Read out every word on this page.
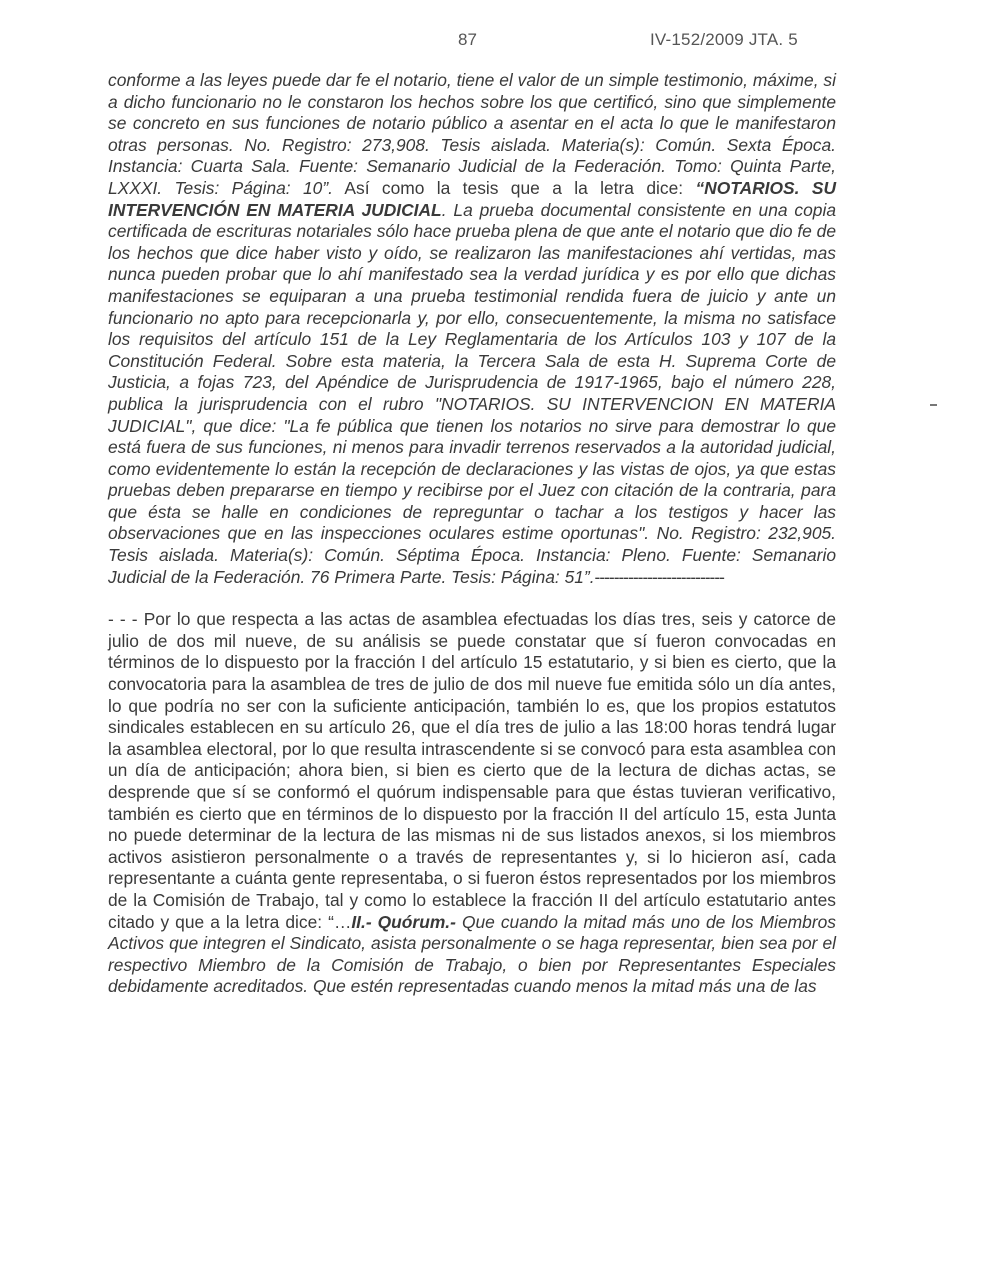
87	IV-152/2009 JTA. 5

conforme a las leyes puede dar fe el notario, tiene el valor de un simple testimonio, máxime, si a dicho funcionario no le constaron los hechos sobre los que certificó, sino que simplemente se concreto en sus funciones de notario público a asentar en el acta lo que le manifestaron otras personas. No. Registro: 273,908. Tesis aislada. Materia(s): Común. Sexta Época. Instancia: Cuarta Sala. Fuente: Semanario Judicial de la Federación. Tomo: Quinta Parte, LXXXI. Tesis: Página: 10”. Así como la tesis que a la letra dice: “NOTARIOS. SU INTERVENCIÓN EN MATERIA JUDICIAL. La prueba documental consistente en una copia certificada de escrituras notariales sólo hace prueba plena de que ante el notario que dio fe de los hechos que dice haber visto y oído, se realizaron las manifestaciones ahí vertidas, mas nunca pueden probar que lo ahí manifestado sea la verdad jurídica y es por ello que dichas manifestaciones se equiparan a una prueba testimonial rendida fuera de juicio y ante un funcionario no apto para recepcionarla y, por ello, consecuentemente, la misma no satisface los requisitos del artículo 151 de la Ley Reglamentaria de los Artículos 103 y 107 de la Constitución Federal. Sobre esta materia, la Tercera Sala de esta H. Suprema Corte de Justicia, a fojas 723, del Apéndice de Jurisprudencia de 1917-1965, bajo el número 228, publica la jurisprudencia con el rubro "NOTARIOS. SU INTERVENCION EN MATERIA JUDICIAL", que dice: "La fe pública que tienen los notarios no sirve para demostrar lo que está fuera de sus funciones, ni menos para invadir terrenos reservados a la autoridad judicial, como evidentemente lo están la recepción de declaraciones y las vistas de ojos, ya que estas pruebas deben prepararse en tiempo y recibirse por el Juez con citación de la contraria, para que ésta se halle en condiciones de repreguntar o tachar a los testigos y hacer las observaciones que en las inspecciones oculares estime oportunas". No. Registro: 232,905. Tesis aislada. Materia(s): Común. Séptima Época. Instancia: Pleno. Fuente: Semanario Judicial de la Federación. 76 Primera Parte. Tesis: Página: 51”.---------------------------

- - - Por lo que respecta a las actas de asamblea efectuadas los días tres, seis y catorce de julio de dos mil nueve, de su análisis se puede constatar que sí fueron convocadas en términos de lo dispuesto por la fracción I del artículo 15 estatutario, y si bien es cierto, que la convocatoria para la asamblea de tres de julio de dos mil nueve fue emitida sólo un día antes, lo que podría no ser con la suficiente anticipación, también lo es, que los propios estatutos sindicales establecen en su artículo 26, que el día tres de julio a las 18:00 horas tendrá lugar la asamblea electoral, por lo que resulta intrascendente si se convocó para esta asamblea con un día de anticipación; ahora bien, si bien es cierto que de la lectura de dichas actas, se desprende que sí se conformó el quórum indispensable para que éstas tuvieran verificativo, también es cierto que en términos de lo dispuesto por la fracción II del artículo 15, esta Junta no puede determinar de la lectura de las mismas ni de sus listados anexos, si los miembros activos asistieron personalmente o a través de representantes y, si lo hicieron así, cada representante a cuánta gente representaba, o si fueron éstos representados por los miembros de la Comisión de Trabajo, tal y como lo establece la fracción II del artículo estatutario antes citado y que a la letra dice: “…II.- Quórum.- Que cuando la mitad más uno de los Miembros Activos que integren el Sindicato, asista personalmente o se haga representar, bien sea por el respectivo Miembro de la Comisión de Trabajo, o bien por Representantes Especiales debidamente acreditados. Que estén representadas cuando menos la mitad más una de las
